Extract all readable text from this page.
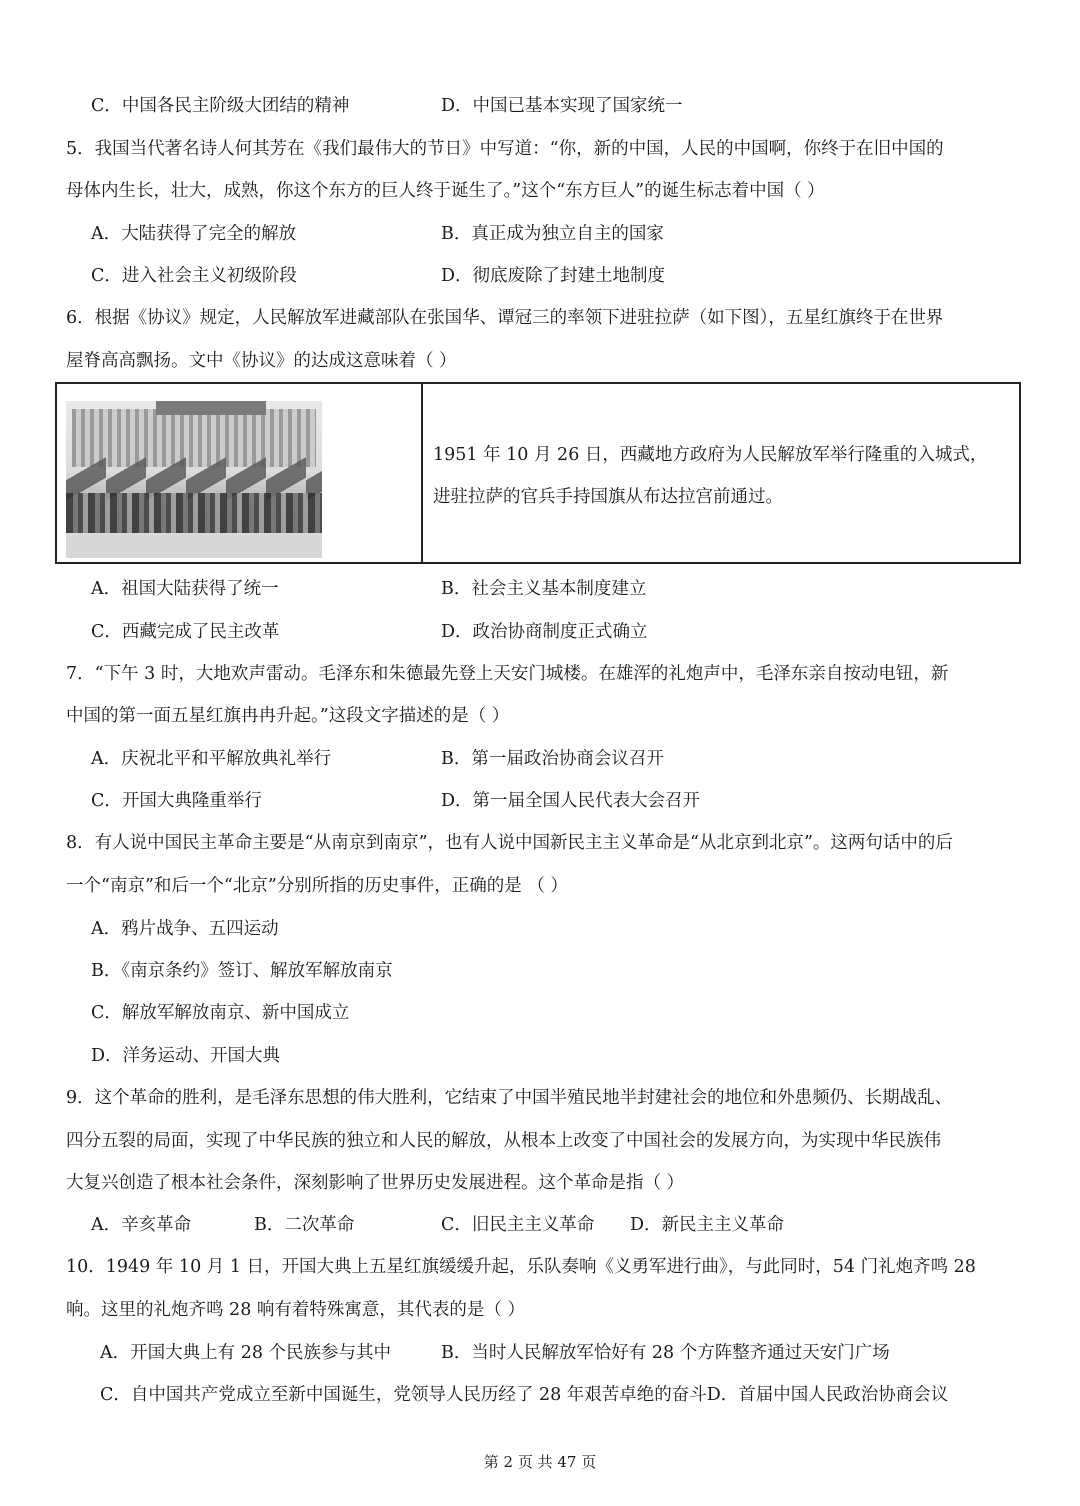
C．中国各民主阶级大团结的精神	D．中国已基本实现了国家统一
5．我国当代著名诗人何其芳在《我们最伟大的节日》中写道：“你，新的中国，人民的中国啊，你终于在旧中国的
母体内生长，壮大，成熟，你这个东方的巨人终于诞生了。”这个“东方巨人”的诞生标志着中国（ ）
A．大陆获得了完全的解放	B．真正成为独立自主的国家
C．进入社会主义初级阶段	D．彻底废除了封建土地制度
6．根据《协议》规定，人民解放军进藏部队在张国华、谭冠三的率领下进驻拉萨（如下图），五星红旗终于在世界
屋脊高高飘扬。文中《协议》的达成这意味着（ ）
1951 年 10 月 26 日，西藏地方政府为人民解放军举行隆重的入城式，
进驻拉萨的官兵手持国旗从布达拉宫前通过。
A．祖国大陆获得了统一	B．社会主义基本制度建立
C．西藏完成了民主改革	D．政治协商制度正式确立
7．“下午 3 时，大地欢声雷动。毛泽东和朱德最先登上天安门城楼。在雄浑的礼炮声中，毛泽东亲自按动电钮，新
中国的第一面五星红旗冉冉升起。”这段文字描述的是（ ）
A．庆祝北平和平解放典礼举行	B．第一届政治协商会议召开
C．开国大典隆重举行	D．第一届全国人民代表大会召开
8．有人说中国民主革命主要是“从南京到南京”，也有人说中国新民主主义革命是“从北京到北京”。这两句话中的后
一个“南京”和后一个“北京”分别所指的历史事件，正确的是 （ ）
A．鸦片战争、五四运动
B．《南京条约》签订、解放军解放南京
C．解放军解放南京、新中国成立
D．洋务运动、开国大典
9．这个革命的胜利，是毛泽东思想的伟大胜利，它结束了中国半殖民地半封建社会的地位和外患频仍、长期战乱、
四分五裂的局面，实现了中华民族的独立和人民的解放，从根本上改变了中国社会的发展方向，为实现中华民族伟
大复兴创造了根本社会条件，深刻影响了世界历史发展进程。这个革命是指（ ）
A．辛亥革命	B．二次革命	C．旧民主主义革命 D．新民主主义革命
10．1949 年 10 月 1 日，开国大典上五星红旗缓缓升起，乐队奏响《义勇军进行曲》，与此同时，54 门礼炮齐鸣 28
响。这里的礼炮齐鸣 28 响有着特殊寓意，其代表的是（ ）
A．开国大典上有 28 个民族参与其中	B．当时人民解放军恰好有 28 个方阵整齐通过天安门广场
C．自中国共产党成立至新中国诞生，党领导人民历经了 28 年艰苦卓绝的奋斗D．首届中国人民政治协商会议
第 2 页 共 47 页
